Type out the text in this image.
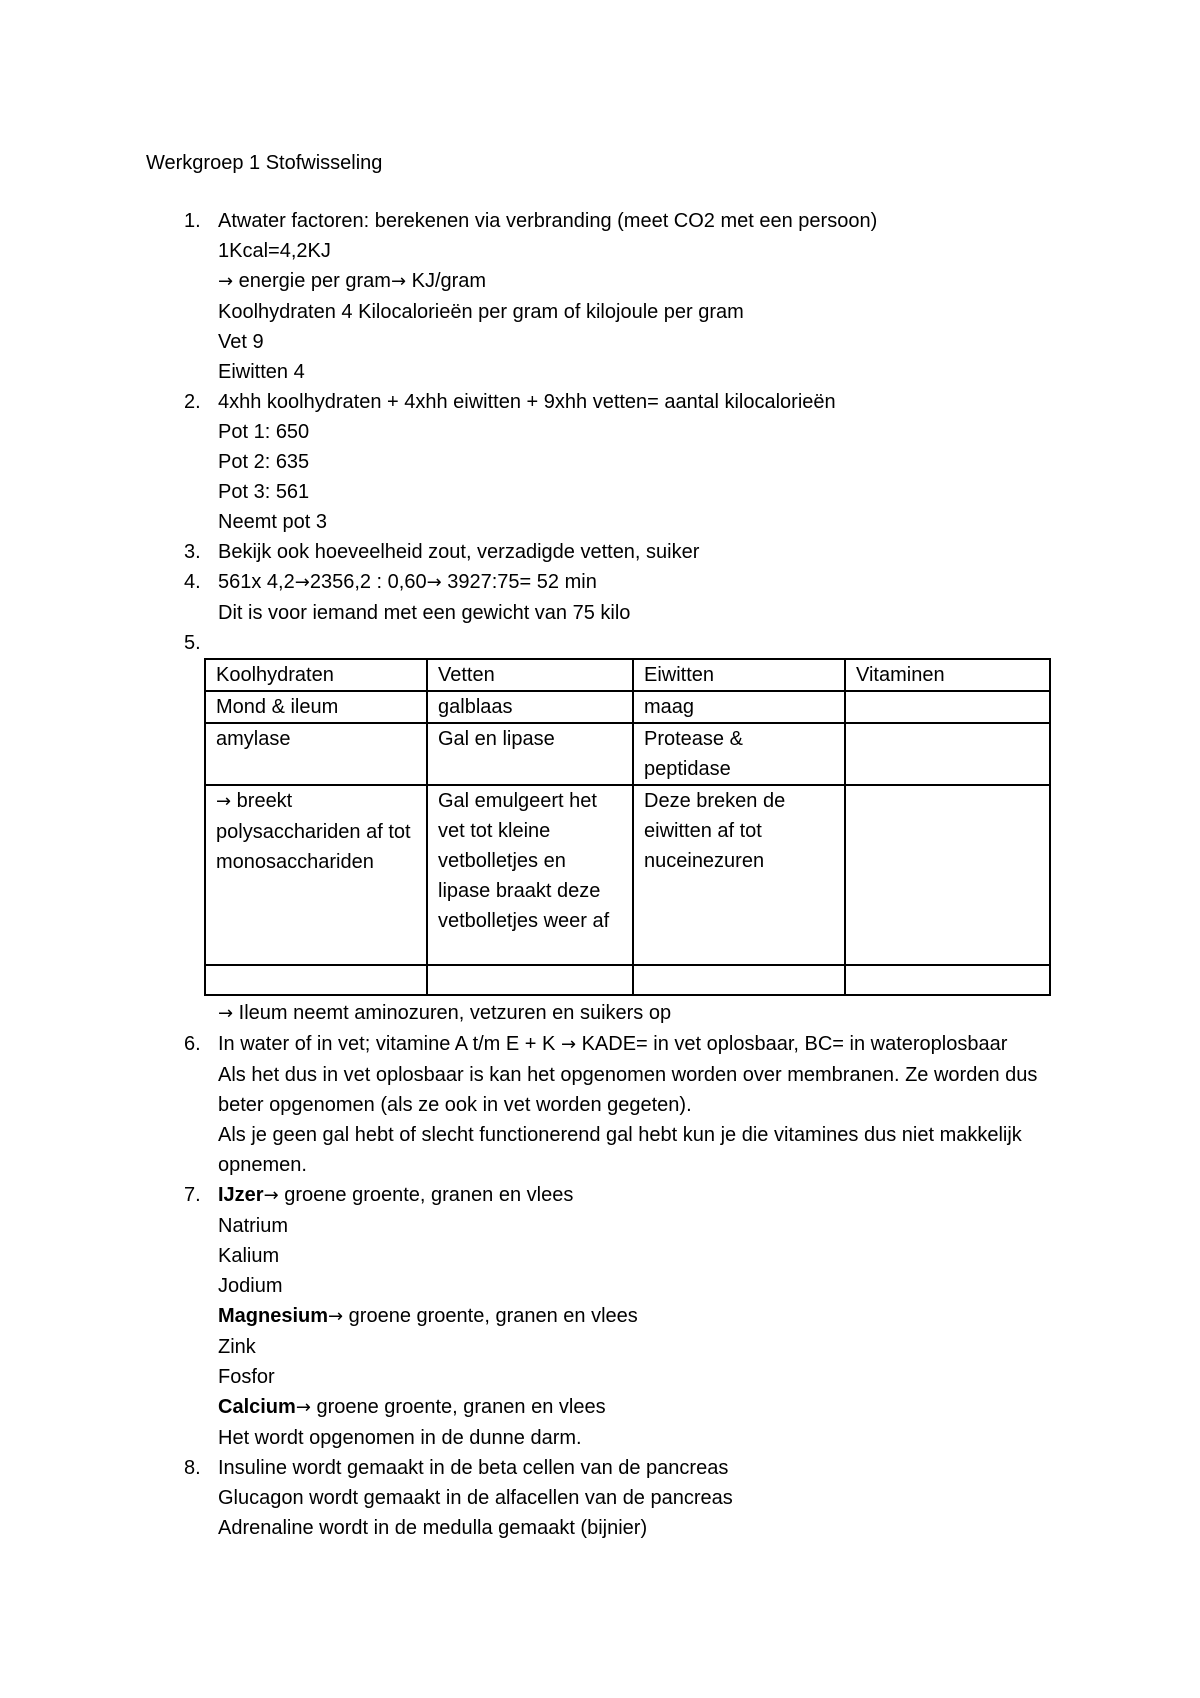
Werkgroep 1 Stofwisseling
1. Atwater factoren: berekenen via verbranding (meet CO2 met een persoon)
1Kcal=4,2KJ
→ energie per gram→ KJ/gram
Koolhydraten 4 Kilocalorieën per gram of kilojoule per gram
Vet 9
Eiwitten 4
2. 4xhh koolhydraten + 4xhh eiwitten + 9xhh vetten= aantal kilocalorieën
Pot 1: 650
Pot 2: 635
Pot 3: 561
Neemt pot 3
3. Bekijk ook hoeveelheid zout, verzadigde vetten, suiker
4. 561x 4,2→2356,2 : 0,60→ 3927:75= 52 min
Dit is voor iemand met een gewicht van 75 kilo
5.

Koolhydraten	Vetten	Eiwitten	Vitaminen
Mond & ileum	galblaas	maag	
amylase	Gal en lipase	Protease & peptidase	
→ breekt polysacchariden af tot monosacchariden	Gal emulgeert het vet tot kleine vetbolletjes en lipase braakt deze vetbolletjes weer af	Deze breken de eiwitten af tot nuceinezuren	

→ Ileum neemt aminozuren, vetzuren en suikers op
6. In water of in vet; vitamine A t/m E + K → KADE= in vet oplosbaar, BC= in wateroplosbaar
Als het dus in vet oplosbaar is kan het opgenomen worden over membranen. Ze worden dus beter opgenomen (als ze ook in vet worden gegeten).
Als je geen gal hebt of slecht functionerend gal hebt kun je die vitamines dus niet makkelijk opnemen.
7. IJzer→ groene groente, granen en vlees
Natrium
Kalium
Jodium
Magnesium→ groene groente, granen en vlees
Zink
Fosfor
Calcium→ groene groente, granen en vlees
Het wordt opgenomen in de dunne darm.
8. Insuline wordt gemaakt in de beta cellen van de pancreas
Glucagon wordt gemaakt in de alfacellen van de pancreas
Adrenaline wordt in de medulla gemaakt (bijnier)
